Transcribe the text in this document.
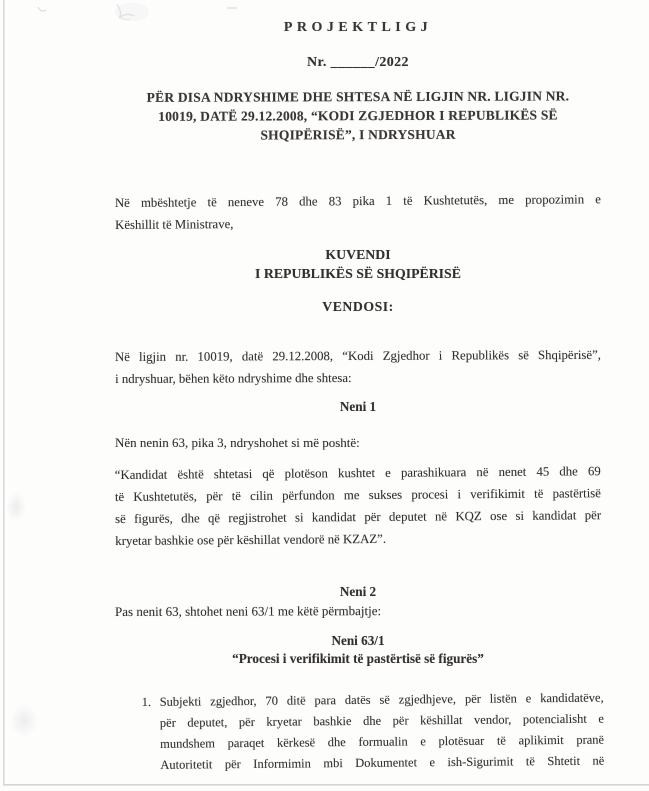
PROJEKTLIGJ
Nr. ______/2022
PËR DISA NDRYSHIME DHE SHTESA NË LIGJIN NR. LIGJIN NR.
10019, DATË 29.12.2008, “KODI ZGJEDHOR I REPUBLIKËS SË
SHQIPËRISË”, I NDRYSHUAR
Në mbështetje të neneve 78 dhe 83 pika 1 të Kushtetutës, me propozimin e
Këshillit të Ministrave,
KUVENDI
I REPUBLIKËS SË SHQIPËRISË
VENDOSI:
Në ligjin nr. 10019, datë 29.12.2008, “Kodi Zgjedhor i Republikës së Shqipërisë”,
i ndryshuar, bëhen këto ndryshime dhe shtesa:
Neni 1
Nën nenin 63, pika 3, ndryshohet si më poshtë:
“Kandidat është shtetasi që plotëson kushtet e parashikuara në nenet 45 dhe 69
të Kushtetutës, për të cilin përfundon me sukses procesi i verifikimit të pastërtisë
së figurës, dhe që regjistrohet si kandidat për deputet në KQZ ose si kandidat për
kryetar bashkie ose për këshillat vendorë në KZAZ”.
Neni 2
Pas nenit 63, shtohet neni 63/1 me këtë përmbajtje:
Neni 63/1
“Procesi i verifikimit të pastërtisë së figurës”
1. Subjekti zgjedhor, 70 ditë para datës së zgjedhjeve, për listën e kandidatëve,
për deputet, për kryetar bashkie dhe për këshillat vendor, potencialisht e
mundshem paraqet kërkesë dhe formualin e plotësuar të aplikimit pranë
Autoritetit për Informimin mbi Dokumentet e ish-Sigurimit të Shtetit në
